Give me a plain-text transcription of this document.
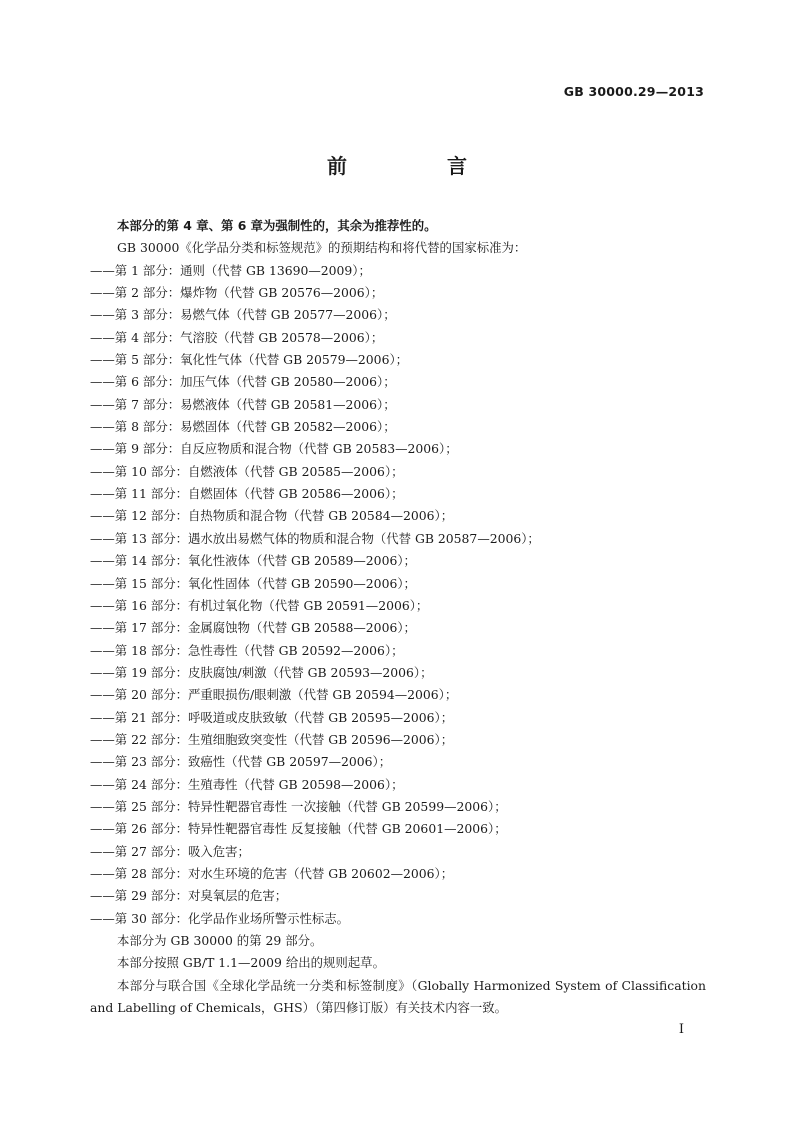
GB 30000.29—2013
前　言
本部分的第 4 章、第 6 章为强制性的，其余为推荐性的。
GB 30000《化学品分类和标签规范》的预期结构和将代替的国家标准为：
——第 1 部分：通则（代替 GB 13690—2009）；
——第 2 部分：爆炸物（代替 GB 20576—2006）；
——第 3 部分：易燃气体（代替 GB 20577—2006）；
——第 4 部分：气溶胶（代替 GB 20578—2006）；
——第 5 部分：氧化性气体（代替 GB 20579—2006）；
——第 6 部分：加压气体（代替 GB 20580—2006）；
——第 7 部分：易燃液体（代替 GB 20581—2006）；
——第 8 部分：易燃固体（代替 GB 20582—2006）；
——第 9 部分：自反应物质和混合物（代替 GB 20583—2006）；
——第 10 部分：自燃液体（代替 GB 20585—2006）；
——第 11 部分：自燃固体（代替 GB 20586—2006）；
——第 12 部分：自热物质和混合物（代替 GB 20584—2006）；
——第 13 部分：遇水放出易燃气体的物质和混合物（代替 GB 20587—2006）；
——第 14 部分：氧化性液体（代替 GB 20589—2006）；
——第 15 部分：氧化性固体（代替 GB 20590—2006）；
——第 16 部分：有机过氧化物（代替 GB 20591—2006）；
——第 17 部分：金属腐蚀物（代替 GB 20588—2006）；
——第 18 部分：急性毒性（代替 GB 20592—2006）；
——第 19 部分：皮肤腐蚀/刺激（代替 GB 20593—2006）；
——第 20 部分：严重眼损伤/眼刺激（代替 GB 20594—2006）；
——第 21 部分：呼吸道或皮肤致敏（代替 GB 20595—2006）；
——第 22 部分：生殖细胞致突变性（代替 GB 20596—2006）；
——第 23 部分：致癌性（代替 GB 20597—2006）；
——第 24 部分：生殖毒性（代替 GB 20598—2006）；
——第 25 部分：特异性靶器官毒性 一次接触（代替 GB 20599—2006）；
——第 26 部分：特异性靶器官毒性 反复接触（代替 GB 20601—2006）；
——第 27 部分：吸入危害；
——第 28 部分：对水生环境的危害（代替 GB 20602—2006）；
——第 29 部分：对臭氧层的危害；
——第 30 部分：化学品作业场所警示性标志。
本部分为 GB 30000 的第 29 部分。
本部分按照 GB/T 1.1—2009 给出的规则起草。

本部分与联合国《全球化学品统一分类和标签制度》（Globally Harmonized System of Classification and Labelling of Chemicals，GHS）（第四修订版）有关技术内容一致。

I
